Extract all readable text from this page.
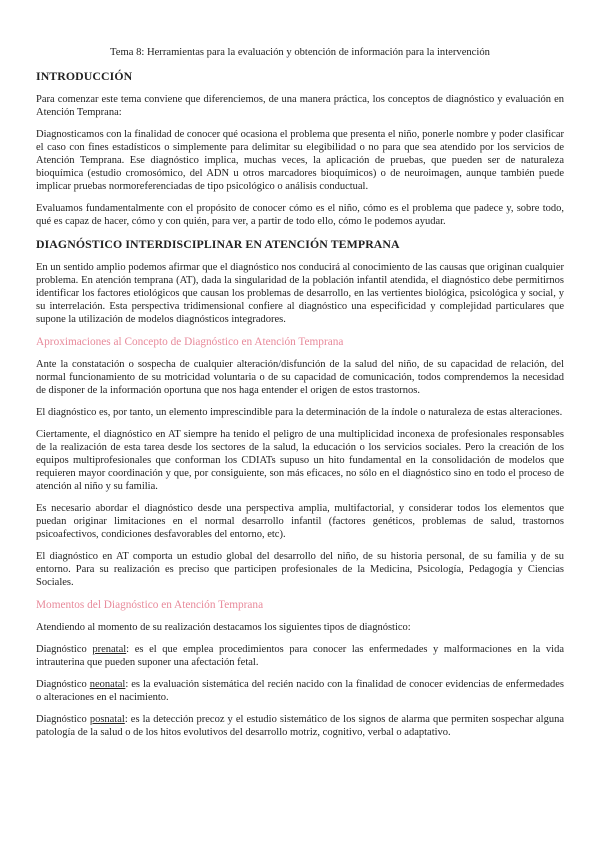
Tema 8: Herramientas para la evaluación y obtención de información para la intervención
INTRODUCCIÓN

Para comenzar este tema conviene que diferenciemos, de una manera práctica, los conceptos de diagnóstico y evaluación en Atención Temprana:

Diagnosticamos con la finalidad de conocer qué ocasiona el problema que presenta el niño, ponerle nombre y poder clasificar el caso con fines estadísticos o simplemente para delimitar su elegibilidad o no para que sea atendido por los servicios de Atención Temprana. Ese diagnóstico implica, muchas veces, la aplicación de pruebas, que pueden ser de naturaleza bioquímica (estudio cromosómico, del ADN u otros marcadores bioquímicos) o de neuroimagen, aunque también puede implicar pruebas normoreferenciadas de tipo psicológico o análisis conductual.

Evaluamos fundamentalmente con el propósito de conocer cómo es el niño, cómo es el problema que padece y, sobre todo, qué es capaz de hacer, cómo y con quién, para ver, a partir de todo ello, cómo le podemos ayudar.

DIAGNÓSTICO INTERDISCIPLINAR EN ATENCIÓN TEMPRANA

En un sentido amplio podemos afirmar que el diagnóstico nos conducirá al conocimiento de las causas que originan cualquier problema. En atención temprana (AT), dada la singularidad de la población infantil atendida, el diagnóstico debe permitirnos identificar los factores etiológicos que causan los problemas de desarrollo, en las vertientes biológica, psicológica y social, y su interrelación. Esta perspectiva tridimensional confiere al diagnóstico una especificidad y complejidad particulares que supone la utilización de modelos diagnósticos integradores.

Aproximaciones al Concepto de Diagnóstico en Atención Temprana

Ante la constatación o sospecha de cualquier alteración/disfunción de la salud del niño, de su capacidad de relación, del normal funcionamiento de su motricidad voluntaria o de su capacidad de comunicación, todos comprendemos la necesidad de disponer de la información oportuna que nos haga entender el origen de estos trastornos.

El diagnóstico es, por tanto, un elemento imprescindible para la determinación de la índole o naturaleza de estas alteraciones.

Ciertamente, el diagnóstico en AT siempre ha tenido el peligro de una multiplicidad inconexa de profesionales responsables de la realización de esta tarea desde los sectores de la salud, la educación o los servicios sociales. Pero la creación de los equipos multiprofesionales que conforman los CDIATs supuso un hito fundamental en la consolidación de modelos que requieren mayor coordinación y que, por consiguiente, son más eficaces, no sólo en el diagnóstico sino en todo el proceso de atención al niño y su familia.

Es necesario abordar el diagnóstico desde una perspectiva amplia, multifactorial, y considerar todos los elementos que puedan originar limitaciones en el normal desarrollo infantil (factores genéticos, problemas de salud, trastornos psicoafectivos, condiciones desfavorables del entorno, etc).

El diagnóstico en AT comporta un estudio global del desarrollo del niño, de su historia personal, de su familia y de su entorno. Para su realización es preciso que participen profesionales de la Medicina, Psicología, Pedagogía y Ciencias Sociales.

Momentos del Diagnóstico en Atención Temprana

Atendiendo al momento de su realización destacamos los siguientes tipos de diagnóstico:

Diagnóstico prenatal: es el que emplea procedimientos para conocer las enfermedades y malformaciones en la vida intrauterina que pueden suponer una afectación fetal.

Diagnóstico neonatal: es la evaluación sistemática del recién nacido con la finalidad de conocer evidencias de enfermedades o alteraciones en el nacimiento.

Diagnóstico posnatal: es la detección precoz y el estudio sistemático de los signos de alarma que permiten sospechar alguna patología de la salud o de los hitos evolutivos del desarrollo motriz, cognitivo, verbal o adaptativo.
